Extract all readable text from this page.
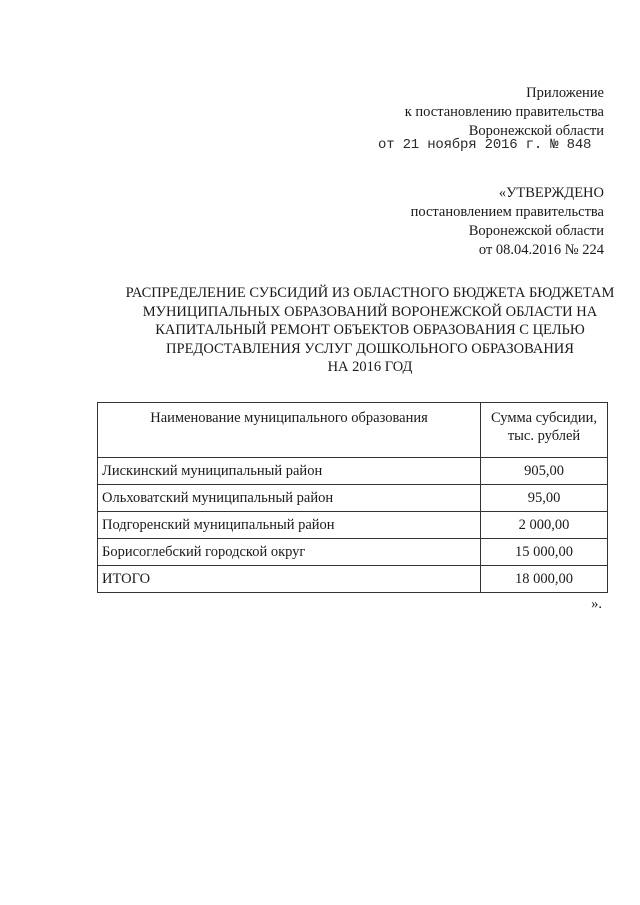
Приложение
к постановлению правительства
Воронежской области
от 21 ноября 2016 г. № 848
«УТВЕРЖДЕНО
постановлением правительства
Воронежской области
от 08.04.2016 № 224
РАСПРЕДЕЛЕНИЕ СУБСИДИЙ ИЗ ОБЛАСТНОГО БЮДЖЕТА БЮДЖЕТАМ
МУНИЦИПАЛЬНЫХ ОБРАЗОВАНИЙ ВОРОНЕЖСКОЙ ОБЛАСТИ НА
КАПИТАЛЬНЫЙ РЕМОНТ ОБЪЕКТОВ ОБРАЗОВАНИЯ С ЦЕЛЬЮ
ПРЕДОСТАВЛЕНИЯ УСЛУГ ДОШКОЛЬНОГО ОБРАЗОВАНИЯ
НА 2016 ГОД
Наименование муниципального образования	Сумма субсидии,
тыс. рублей

Лискинский муниципальный район	905,00
Ольховатский муниципальный район	95,00
Подгоренский муниципальный район	2 000,00
Борисоглебский городской округ	15 000,00
ИТОГО	18 000,00
».
